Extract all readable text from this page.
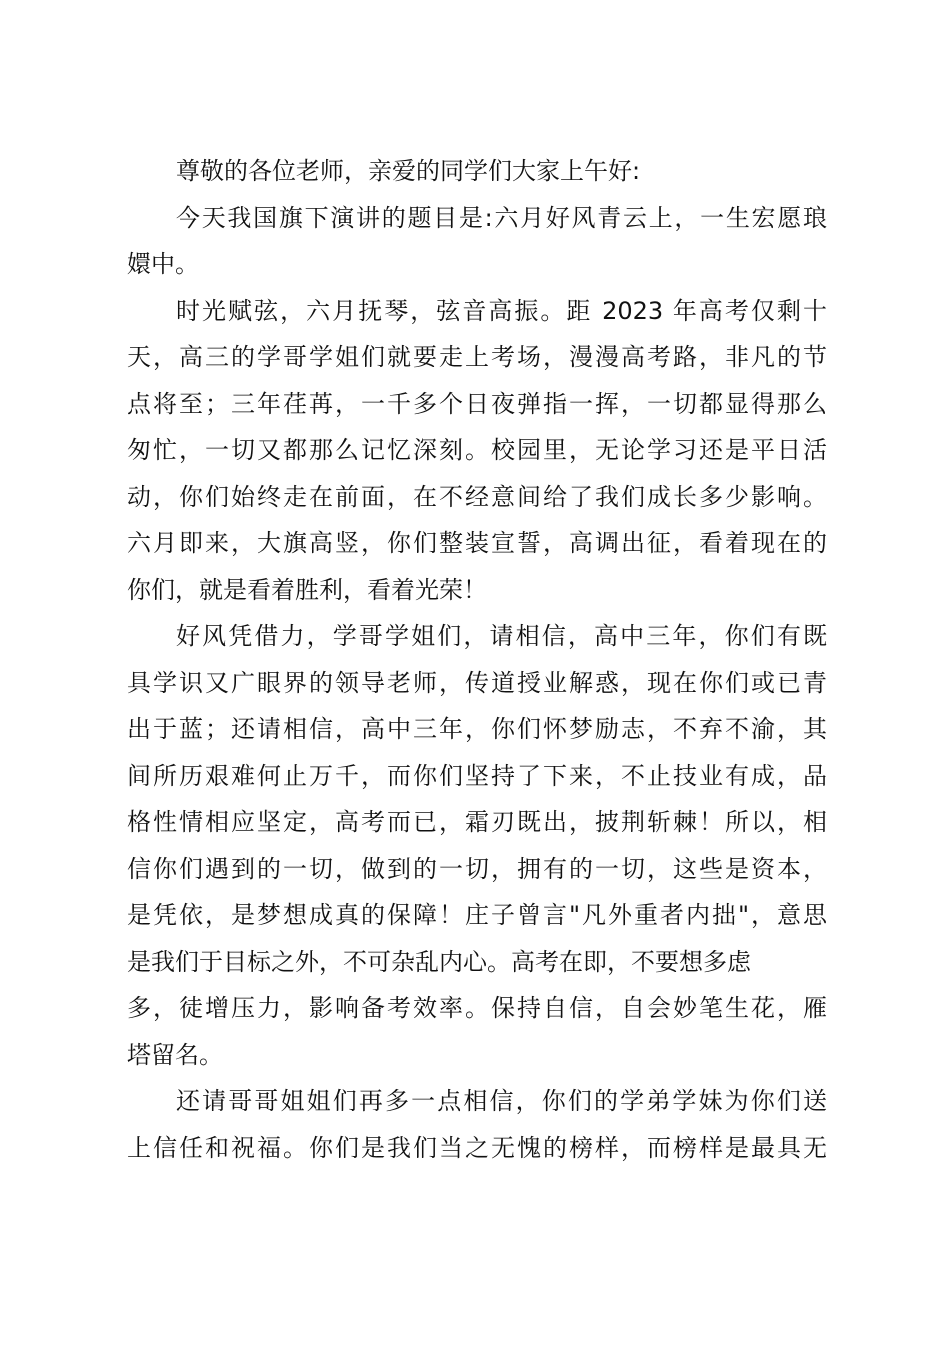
尊敬的各位老师，亲爱的同学们大家上午好:
今天我国旗下演讲的题目是:六月好风青云上，一生宏愿琅
嬛中。
时光赋弦，六月抚琴，弦音高振。距 2023 年高考仅剩十
天，高三的学哥学姐们就要走上考场，漫漫高考路，非凡的节
点将至；三年荏苒，一千多个日夜弹指一挥，一切都显得那么
匆忙，一切又都那么记忆深刻。校园里，无论学习还是平日活
动，你们始终走在前面，在不经意间给了我们成长多少影响。
六月即来，大旗高竖，你们整装宣誓，高调出征，看着现在的
你们，就是看着胜利，看着光荣！
好风凭借力，学哥学姐们，请相信，高中三年，你们有既
具学识又广眼界的领导老师，传道授业解惑，现在你们或已青
出于蓝；还请相信，高中三年，你们怀梦励志，不弃不渝，其
间所历艰难何止万千，而你们坚持了下来，不止技业有成，品
格性情相应坚定，高考而已，霜刃既出，披荆斩棘！所以，相
信你们遇到的一切，做到的一切，拥有的一切，这些是资本，
是凭依，是梦想成真的保障！庄子曾言"凡外重者内拙"，意思
是我们于目标之外，不可杂乱内心。高考在即，不要想多虑
多，徒增压力，影响备考效率。保持自信，自会妙笔生花，雁
塔留名。
还请哥哥姐姐们再多一点相信，你们的学弟学妹为你们送
上信任和祝福。你们是我们当之无愧的榜样，而榜样是最具无
